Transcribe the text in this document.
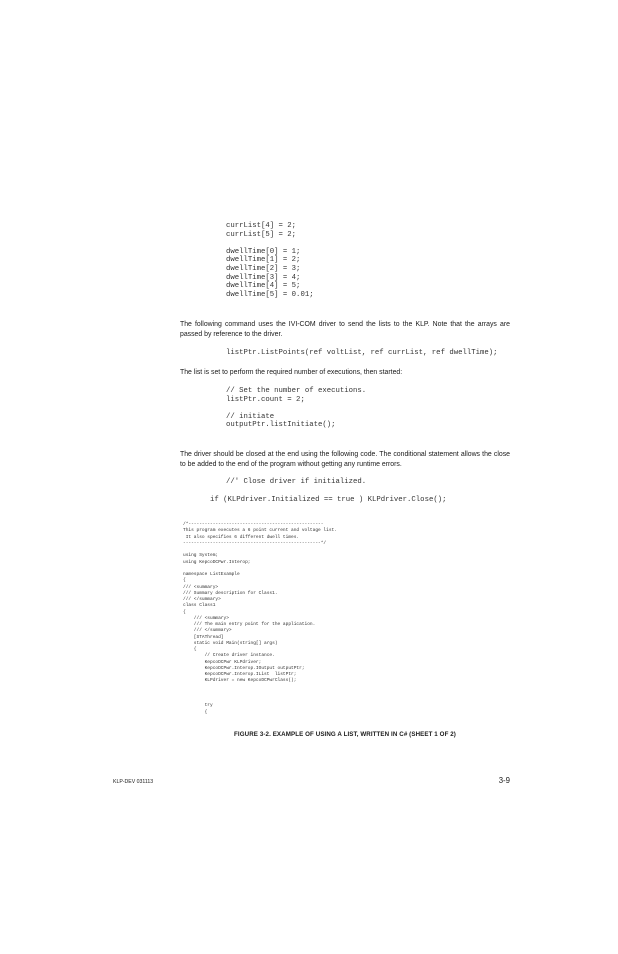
currList[4] = 2;
currList[5] = 2;
dwellTime[0] = 1;
dwellTime[1] = 2;
dwellTime[2] = 3;
dwellTime[3] = 4;
dwellTime[4] = 5;
dwellTime[5] = 0.01;

The following command uses the IVI-COM driver to send the lists to the KLP. Note that the arrays are passed by reference to the driver.

listPtr.ListPoints(ref voltList, ref currList, ref dwellTime);

The list is set to perform the required number of executions, then started:

// Set the number of executions.
listPtr.count = 2;
// initiate
outputPtr.listInitiate();

The driver should be closed at the end using the following code. The conditional statement allows the close to be added to the end of the program without getting any runtime errors.

//' Close driver if initialized.
if (KLPdriver.Initialized == true ) KLPdriver.Close();
/*--------------------------------------------------
This program executes a 6 point current and voltage list.
It also specifies 6 different dwell times.
---------------------------------------------------*/
using System;
using KepcoDCPwr.Interop;
namespace ListExample
{
/// <summary>
/// Summary description for Class1.
/// </summary>
class Class1
{
/// <summary>
/// The main entry point for the application.
/// </summary>
[STAThread]
static void Main(string[] args)
{
// Create driver instance.
KepcoDCPwr KLPdriver;
KepcoDCPwr.Interop.IOutput outputPtr;
KepcoDCPwr.Interop.IList  listPtr;
KLPdriver = new KepcoDCPwrClass();
try
{
FIGURE 3-2. EXAMPLE OF USING A LIST, WRITTEN IN C# (SHEET 1 OF 2)
KLP-DEV 031113	3-9
